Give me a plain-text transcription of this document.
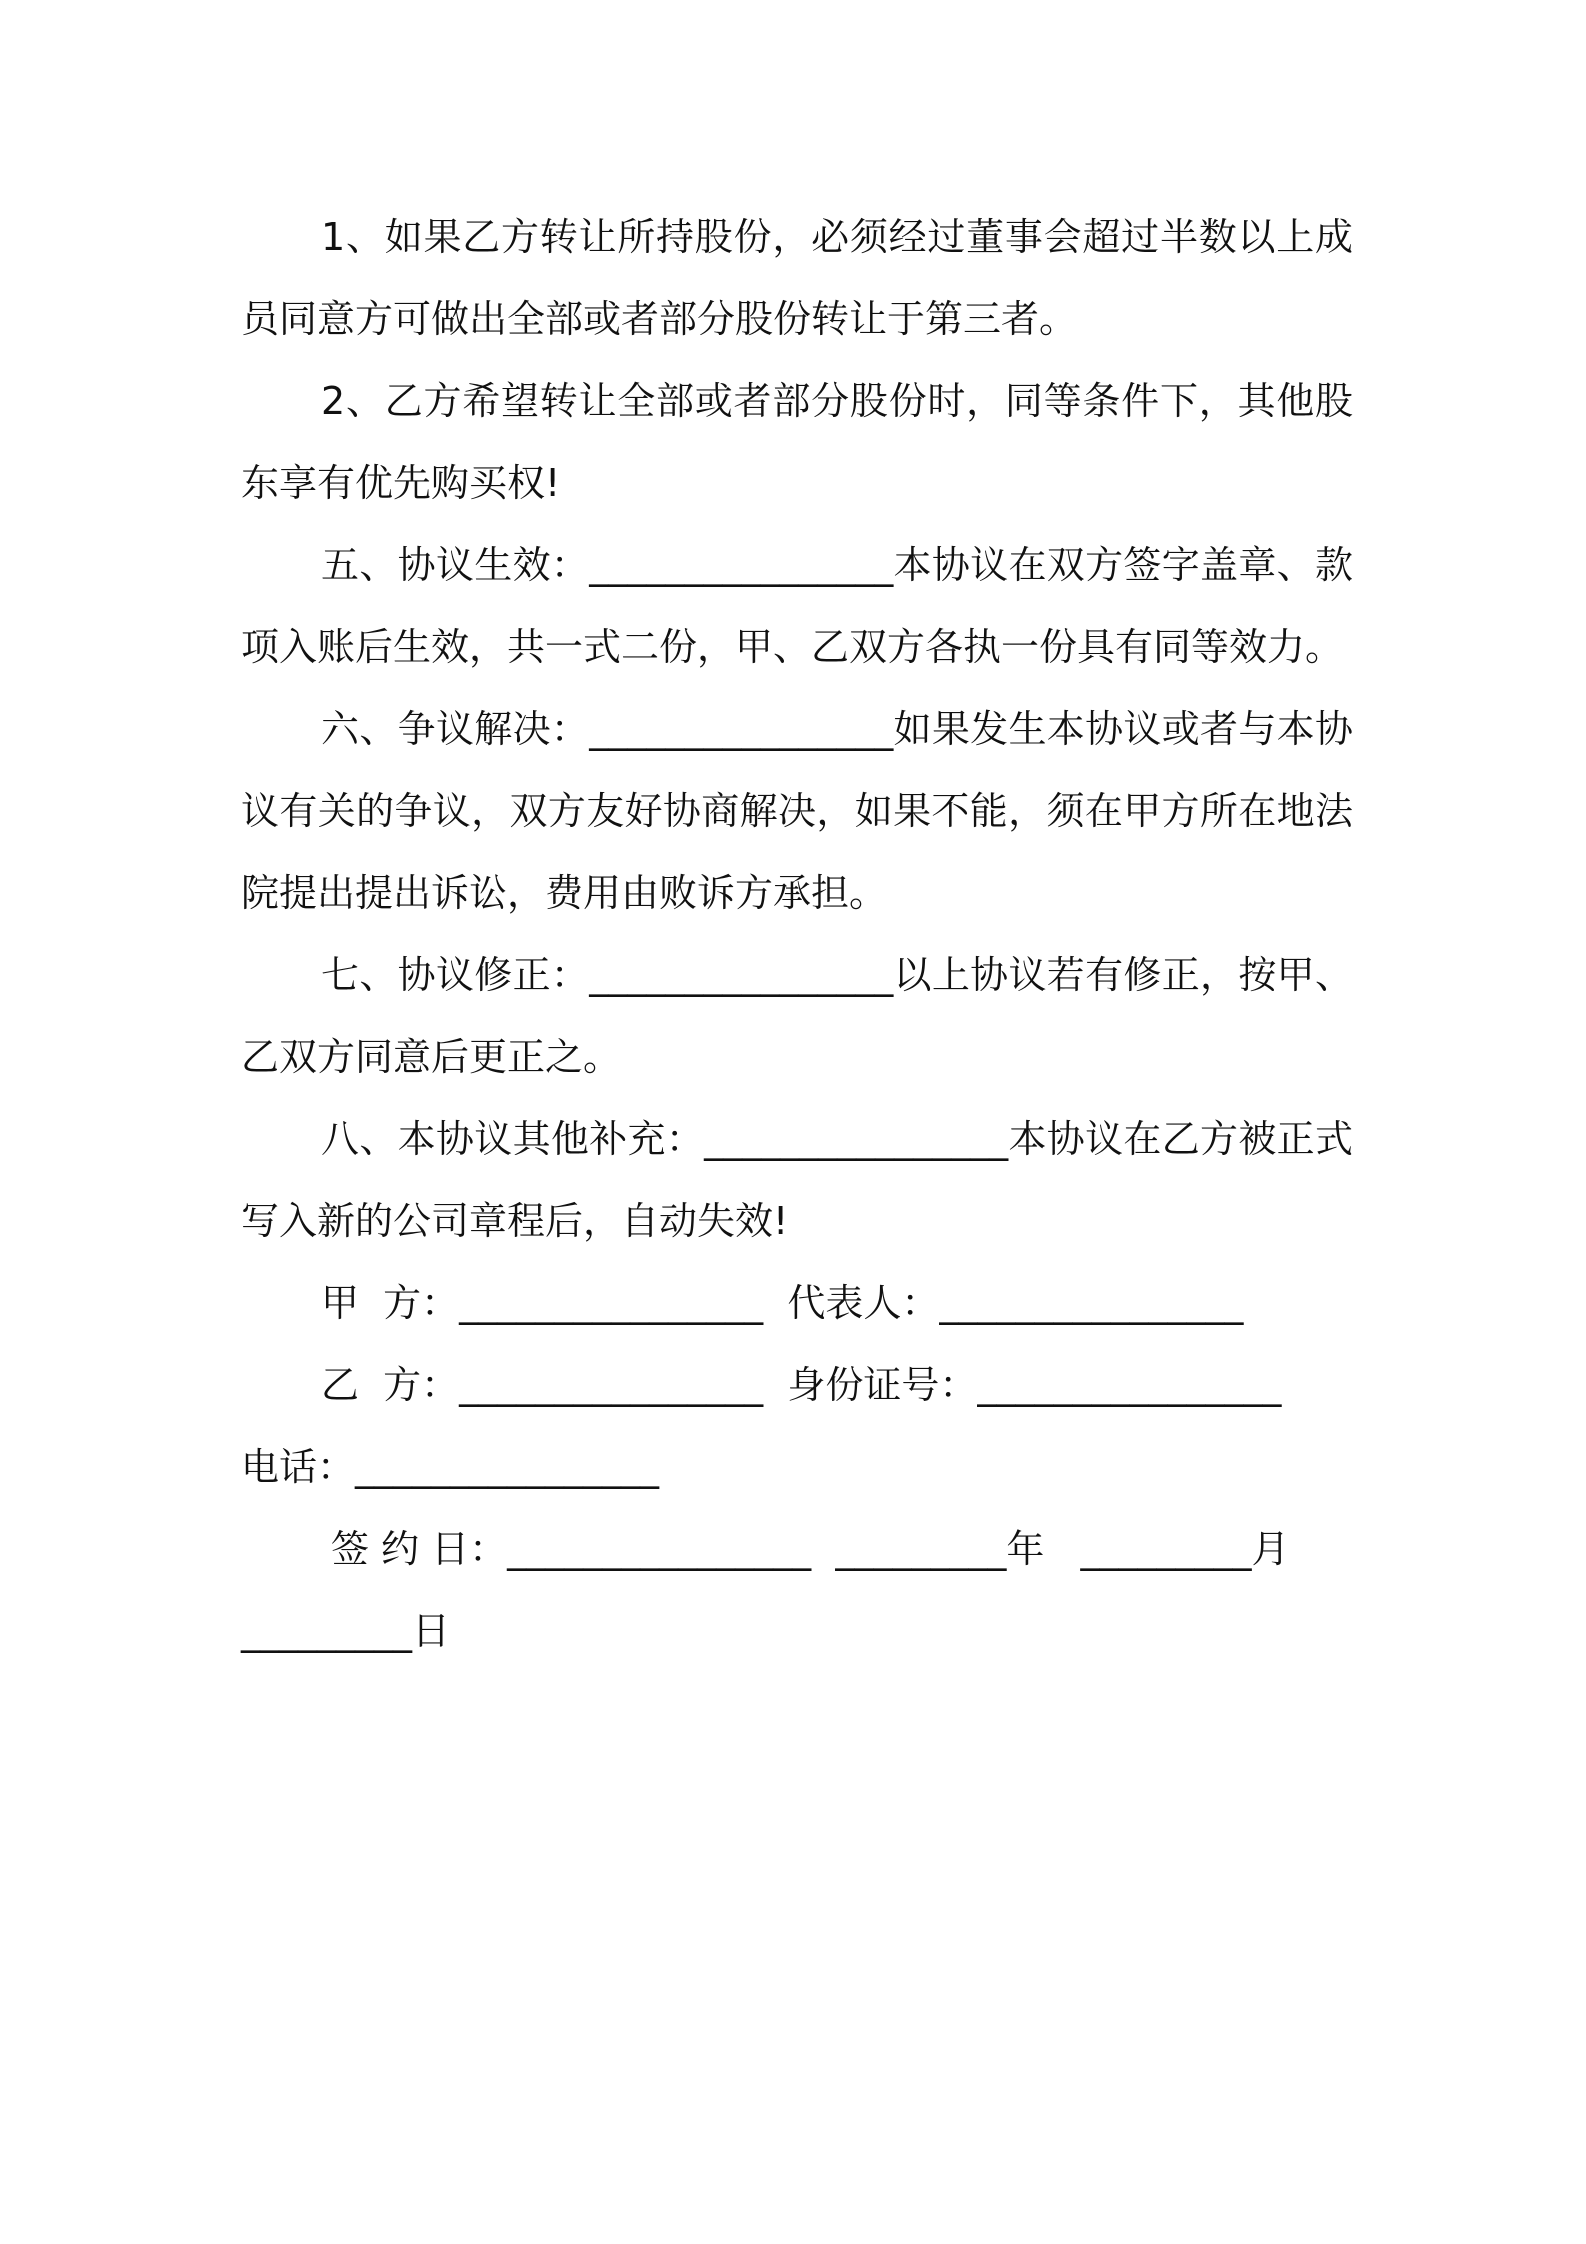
1、如果乙方转让所持股份，必须经过董事会超过半数以上成员同意方可做出全部或者部分股份转让于第三者。

2、乙方希望转让全部或者部分股份时，同等条件下，其他股东享有优先购买权!

五、协议生效：________________本协议在双方签字盖章、款项入账后生效，共一式二份，甲、乙双方各执一份具有同等效力。

六、争议解决：________________如果发生本协议或者与本协议有关的争议，双方友好协商解决，如果不能，须在甲方所在地法院提出提出诉讼，费用由败诉方承担。

七、协议修正：________________以上协议若有修正，按甲、乙双方同意后更正之。

八、本协议其他补充：________________本协议在乙方被正式写入新的公司章程后，自动失效!

甲  方：________________  代表人：________________

乙  方：________________  身份证号：________________

电话：________________

签 约 日：________________  _________年   _________月

_________日
